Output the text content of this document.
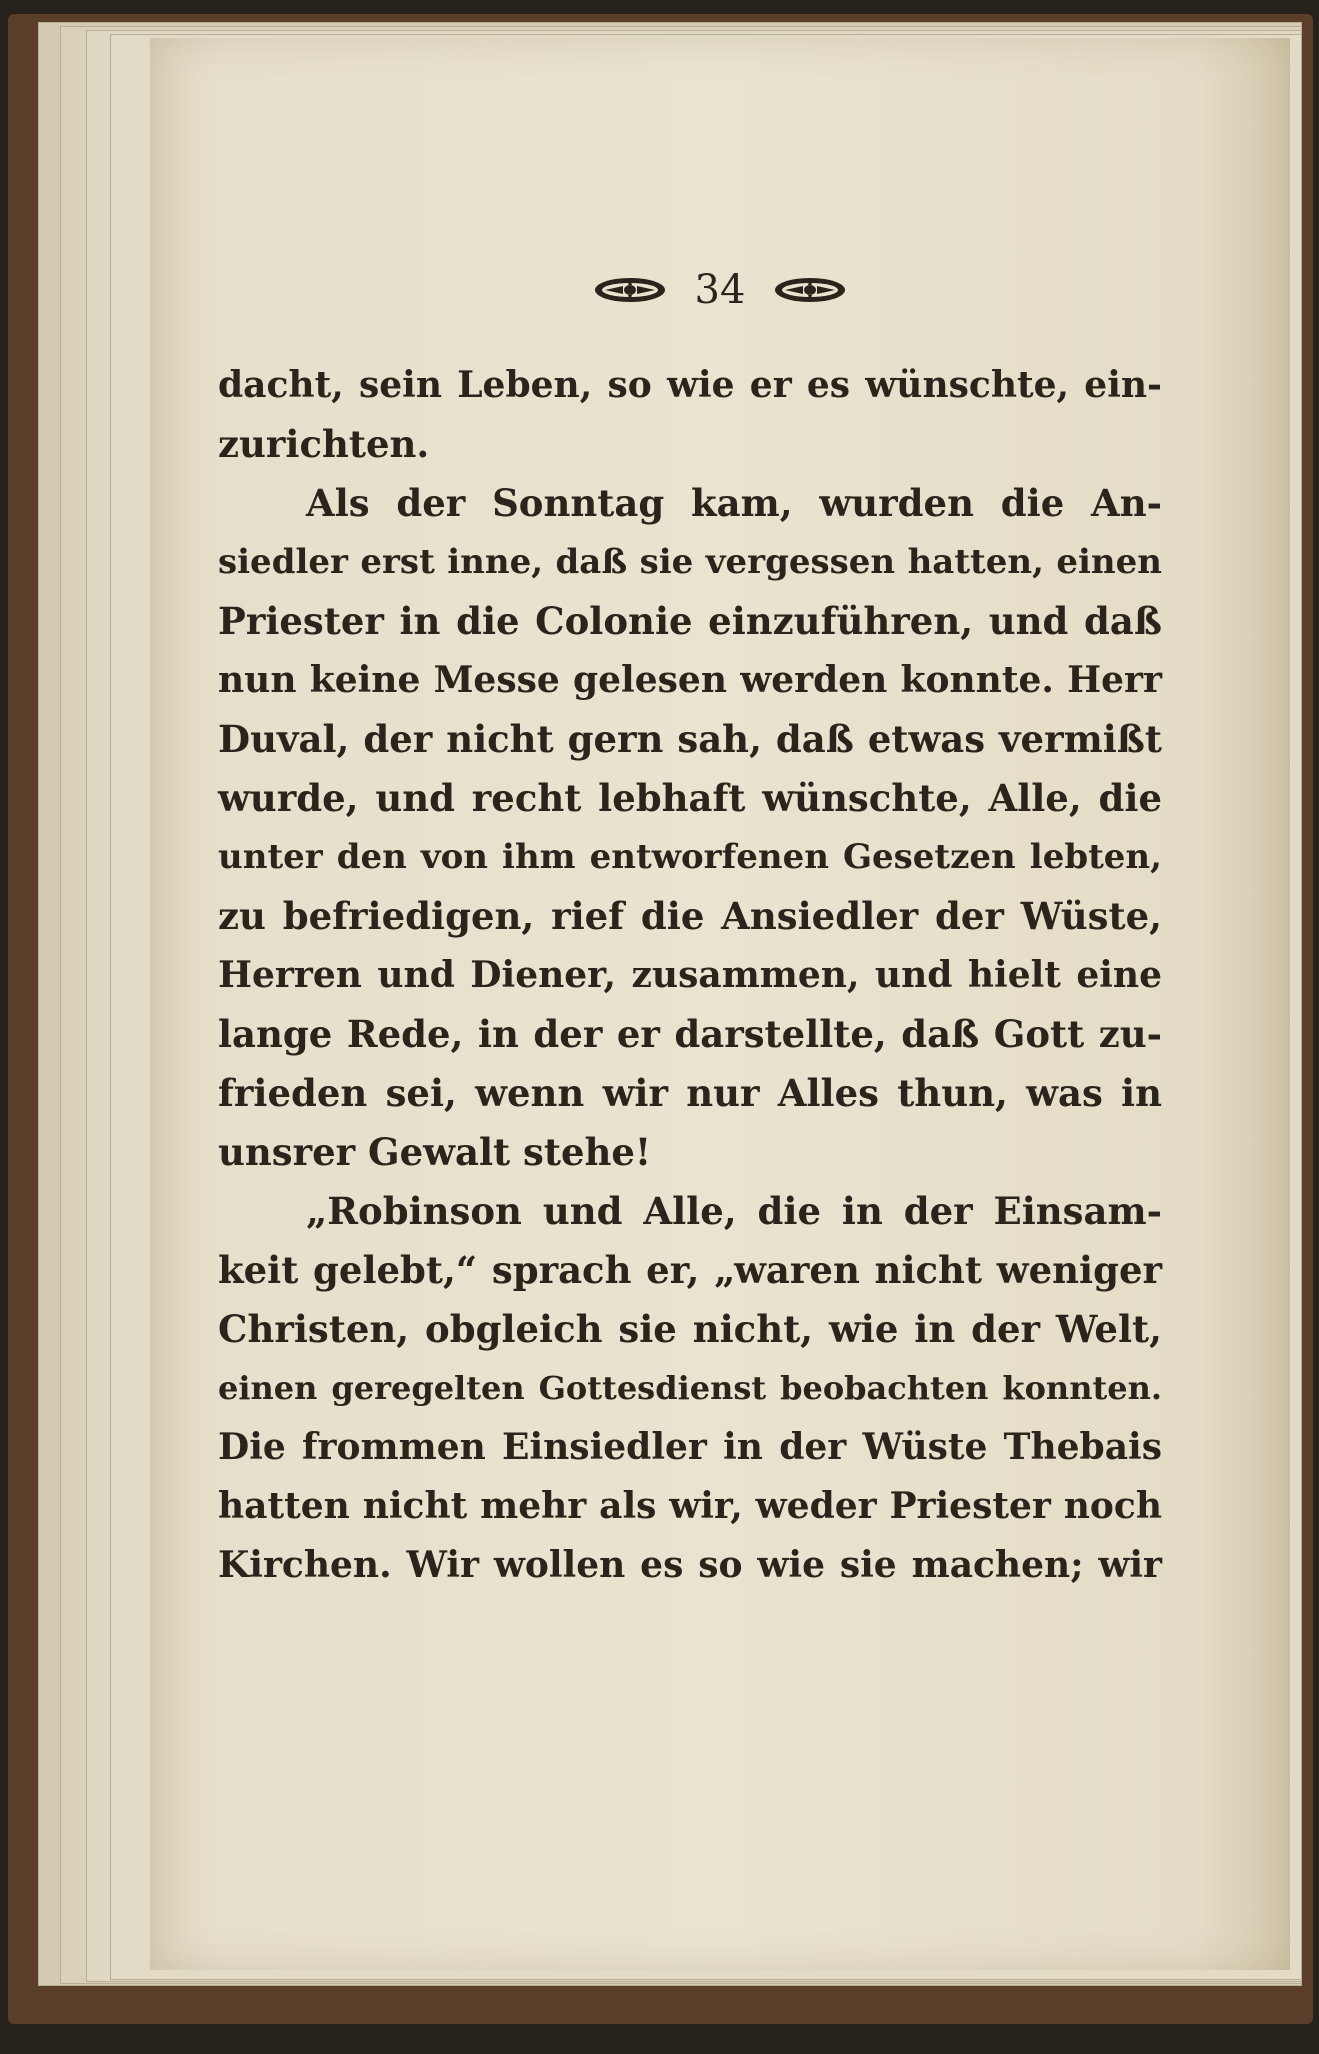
34
dacht, sein Leben, so wie er es wünschte, ein-
zurichten.
Als der Sonntag kam, wurden die An-
siedler erst inne, daß sie vergessen hatten, einen
Priester in die Colonie einzuführen, und daß
nun keine Messe gelesen werden konnte. Herr
Duval, der nicht gern sah, daß etwas vermißt
wurde, und recht lebhaft wünschte, Alle, die
unter den von ihm entworfenen Gesetzen lebten,
zu befriedigen, rief die Ansiedler der Wüste,
Herren und Diener, zusammen, und hielt eine
lange Rede, in der er darstellte, daß Gott zu-
frieden sei, wenn wir nur Alles thun, was in
unsrer Gewalt stehe!
„Robinson und Alle, die in der Einsam-
keit gelebt,“ sprach er, „waren nicht weniger
Christen, obgleich sie nicht, wie in der Welt,
einen geregelten Gottesdienst beobachten konnten.
Die frommen Einsiedler in der Wüste Thebais
hatten nicht mehr als wir, weder Priester noch
Kirchen. Wir wollen es so wie sie machen; wir
